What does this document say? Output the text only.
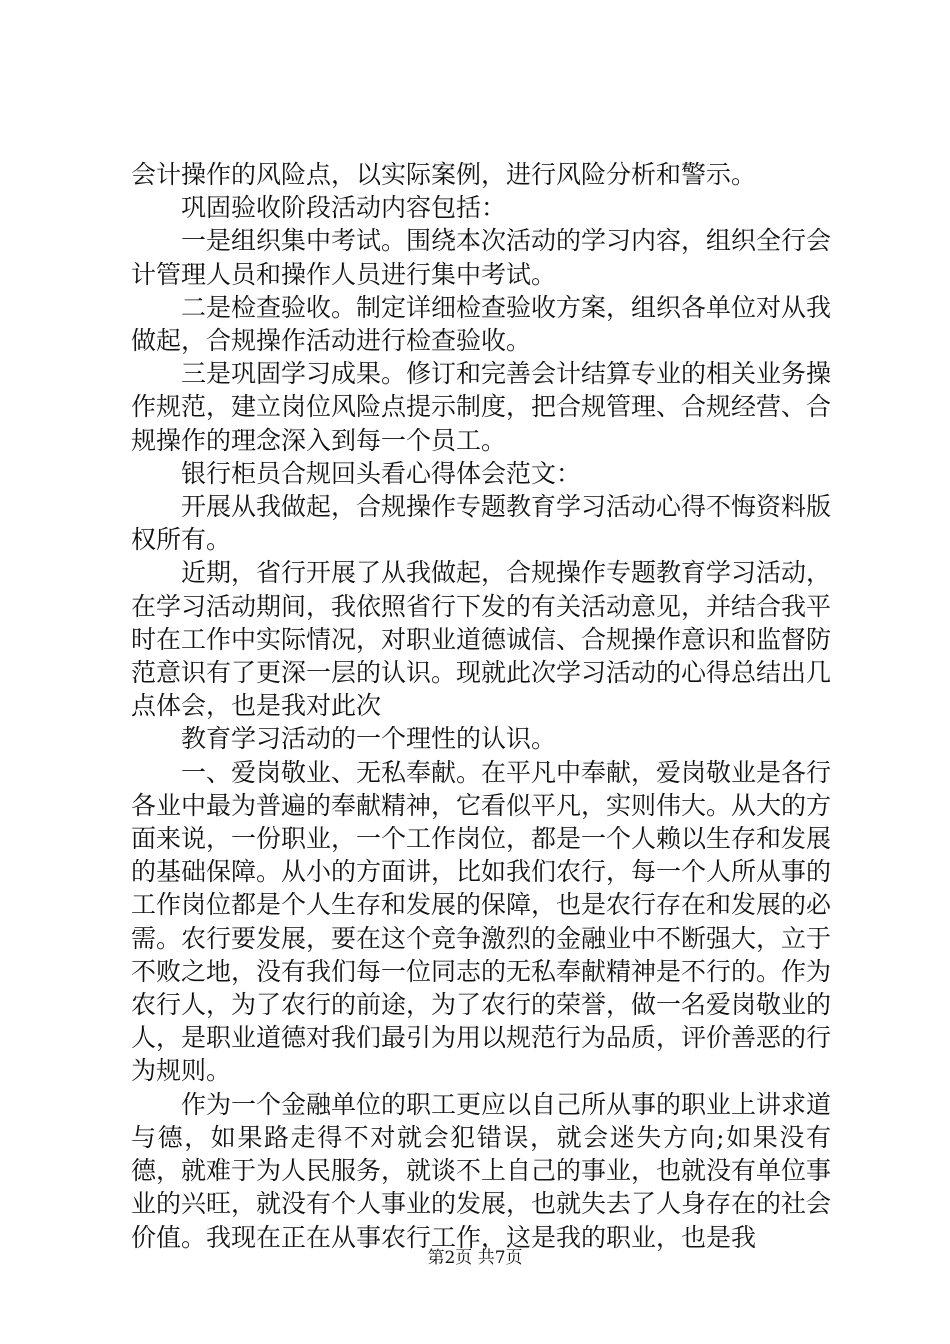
会计操作的风险点，以实际案例，进行风险分析和警示。

巩固验收阶段活动内容包括：

一是组织集中考试。围绕本次活动的学习内容，组织全行会计管理人员和操作人员进行集中考试。

二是检查验收。制定详细检查验收方案，组织各单位对从我做起，合规操作活动进行检查验收。

三是巩固学习成果。修订和完善会计结算专业的相关业务操作规范，建立岗位风险点提示制度，把合规管理、合规经营、合规操作的理念深入到每一个员工。

银行柜员合规回头看心得体会范文：

开展从我做起，合规操作专题教育学习活动心得不悔资料版权所有。

近期，省行开展了从我做起，合规操作专题教育学习活动，在学习活动期间，我依照省行下发的有关活动意见，并结合我平时在工作中实际情况，对职业道德诚信、合规操作意识和监督防范意识有了更深一层的认识。现就此次学习活动的心得总结出几点体会，也是我对此次

教育学习活动的一个理性的认识。

一、爱岗敬业、无私奉献。在平凡中奉献，爱岗敬业是各行各业中最为普遍的奉献精神，它看似平凡，实则伟大。从大的方面来说，一份职业，一个工作岗位，都是一个人赖以生存和发展的基础保障。从小的方面讲，比如我们农行，每一个人所从事的工作岗位都是个人生存和发展的保障，也是农行存在和发展的必需。农行要发展，要在这个竞争激烈的金融业中不断强大，立于不败之地，没有我们每一位同志的无私奉献精神是不行的。作为农行人，为了农行的前途，为了农行的荣誉，做一名爱岗敬业的人，是职业道德对我们最引为用以规范行为品质，评价善恶的行为规则。

作为一个金融单位的职工更应以自己所从事的职业上讲求道与德，如果路走得不对就会犯错误，就会迷失方向;如果没有德，就难于为人民服务，就谈不上自己的事业，也就没有单位事业的兴旺，就没有个人事业的发展，也就失去了人身存在的社会价值。我现在正在从事农行工作，这是我的职业，也是我

第2页 共7页
